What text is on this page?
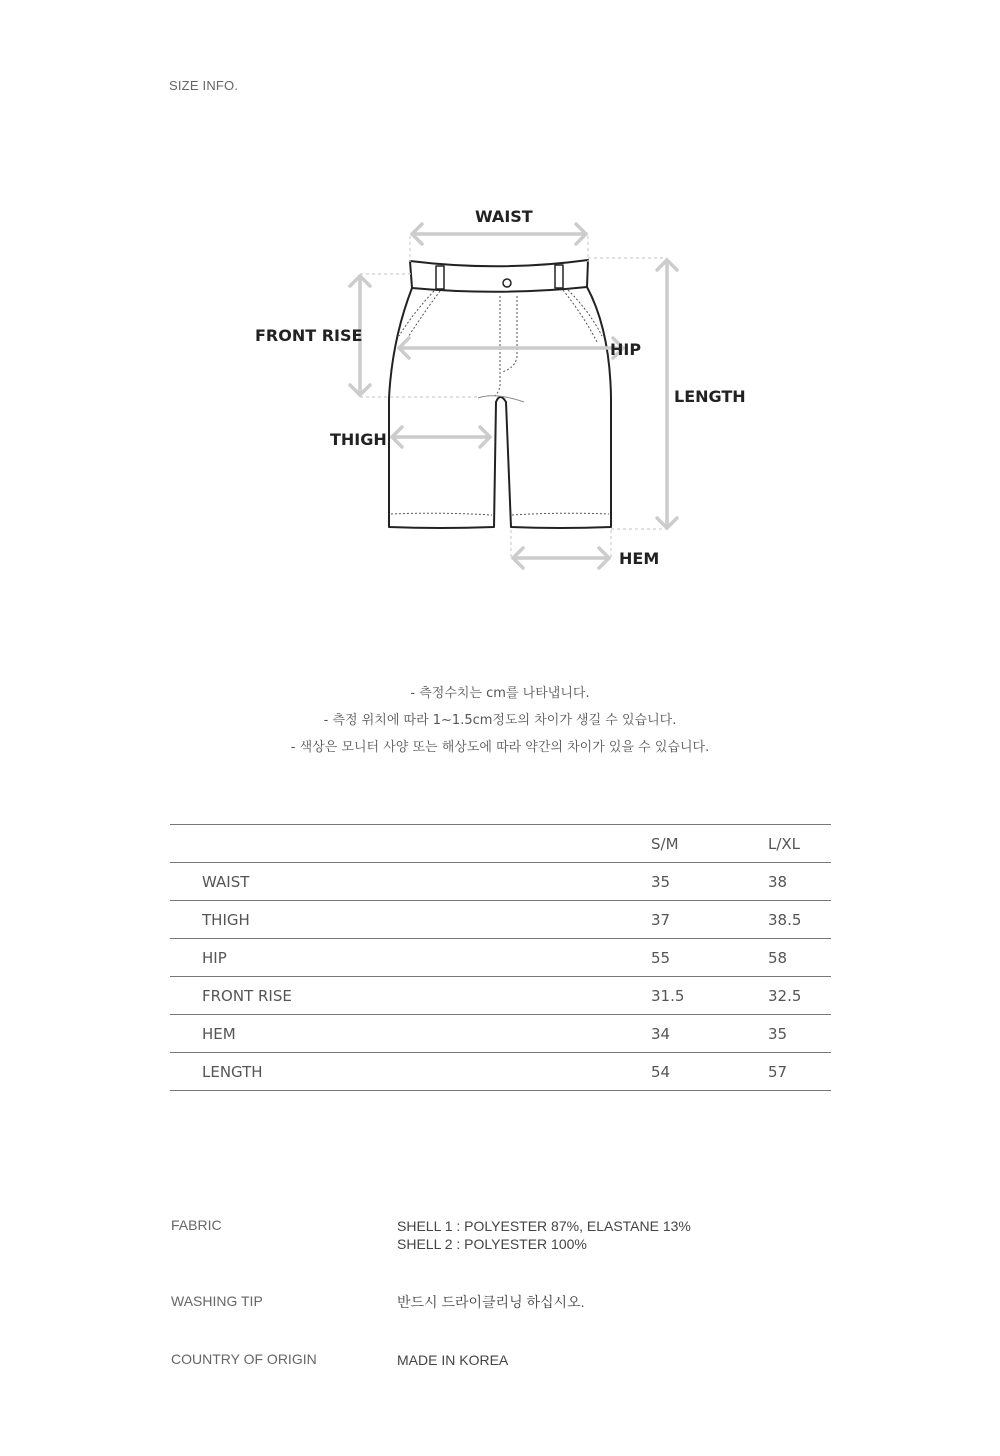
SIZE INFO.
WAIST
FRONT RISE
HIP
LENGTH
THIGH
HEM
- 측정수치는 cm를 나타냅니다.
- 측정 위치에 따라 1~1.5cm정도의 차이가 생길 수 있습니다.
- 색상은 모니터 사양 또는 해상도에 따라 약간의 차이가 있을 수 있습니다.
	S/M	L/XL
WAIST	35	38
THIGH	37	38.5
HIP	55	58
FRONT RISE	31.5	32.5
HEM	34	35
LENGTH	54	57
FABRIC	SHELL 1 : POLYESTER 87%, ELASTANE 13%
SHELL 2 : POLYESTER 100%
WASHING TIP	반드시 드라이클리닝 하십시오.
COUNTRY OF ORIGIN	MADE IN KOREA
